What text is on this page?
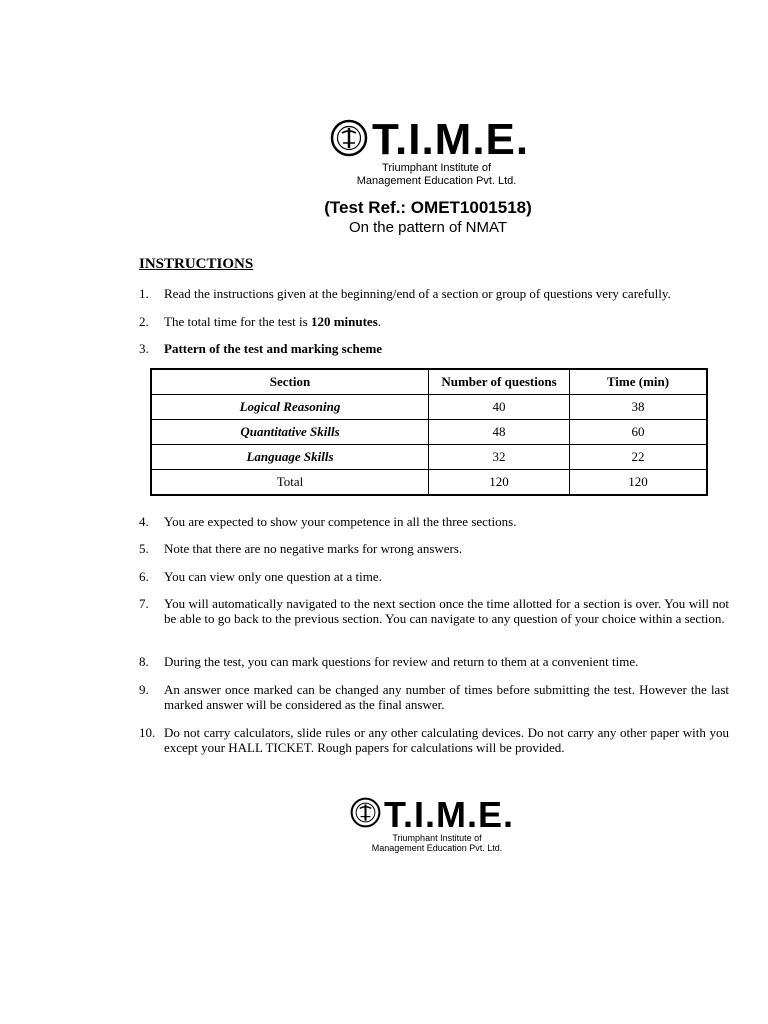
T.I.M.E.
Triumphant Institute of
Management Education Pvt. Ltd.
(Test Ref.: OMET1001518)
On the pattern of NMAT
INSTRUCTIONS
1.	Read the instructions given at the beginning/end of a section or group of questions very carefully.
2.	The total time for the test is 120 minutes.
3.	Pattern of the test and marking scheme
Section	Number of questions	Time (min)
Logical Reasoning	40	38
Quantitative Skills	48	60
Language Skills	32	22
Total	120	120
4.	You are expected to show your competence in all the three sections.
5.	Note that there are no negative marks for wrong answers.
6.	You can view only one question at a time.
7.	You will automatically navigated to the next section once the time allotted for a section is over. You will not be able to go back to the previous section. You can navigate to any question of your choice within a section.
8.	During the test, you can mark questions for review and return to them at a convenient time.
9.	An answer once marked can be changed any number of times before submitting the test. However the last marked answer will be considered as the final answer.
10. Do not carry calculators, slide rules or any other calculating devices. Do not carry any other paper with you except your HALL TICKET. Rough papers for calculations will be provided.
T.I.M.E.
Triumphant Institute of
Management Education Pvt. Ltd.
